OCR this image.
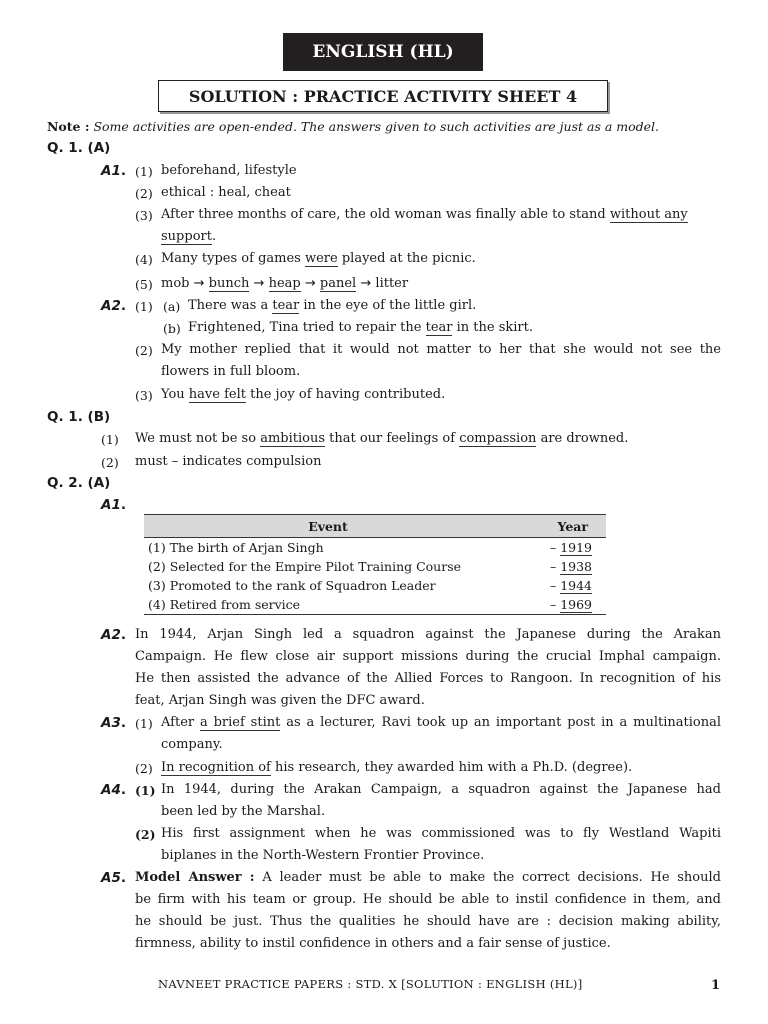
ENGLISH (HL)
SOLUTION : PRACTICE ACTIVITY SHEET 4
Note : Some activities are open-ended. The answers given to such activities are just as a model.
Q. 1. (A)
A1. (1) beforehand, lifestyle
(2) ethical : heal, cheat
(3) After three months of care, the old woman was finally able to stand without any
support.
(4) Many types of games were played at the picnic.
(5) mob → bunch → heap → panel → litter
A2. (1) (a) There was a tear in the eye of the little girl.
(b) Frightened, Tina tried to repair the tear in the skirt.
(2) My mother replied that it would not matter to her that she would not see the
flowers in full bloom.
(3) You have felt the joy of having contributed.
Q. 1. (B)
(1) We must not be so ambitious that our feelings of compassion are drowned.
(2) must – indicates compulsion
Q. 2. (A)
A1.
Event	Year
(1) The birth of Arjan Singh	– 1919
(2) Selected for the Empire Pilot Training Course	– 1938
(3) Promoted to the rank of Squadron Leader	– 1944
(4) Retired from service	– 1969
A2. In 1944, Arjan Singh led a squadron against the Japanese during the Arakan
Campaign. He flew close air support missions during the crucial Imphal campaign.
He then assisted the advance of the Allied Forces to Rangoon. In recognition of his
feat, Arjan Singh was given the DFC award.
A3. (1) After a brief stint as a lecturer, Ravi took up an important post in a multinational
company.
(2) In recognition of his research, they awarded him with a Ph.D. (degree).
A4. (1) In 1944, during the Arakan Campaign, a squadron against the Japanese had
been led by the Marshal.
(2) His first assignment when he was commissioned was to fly Westland Wapiti
biplanes in the North-Western Frontier Province.
A5. Model Answer : A leader must be able to make the correct decisions. He should
be firm with his team or group. He should be able to instil confidence in them, and
he should be just. Thus the qualities he should have are : decision making ability,
firmness, ability to instil confidence in others and a fair sense of justice.
NAVNEET PRACTICE PAPERS : STD. X [SOLUTION : ENGLISH (HL)]	1
